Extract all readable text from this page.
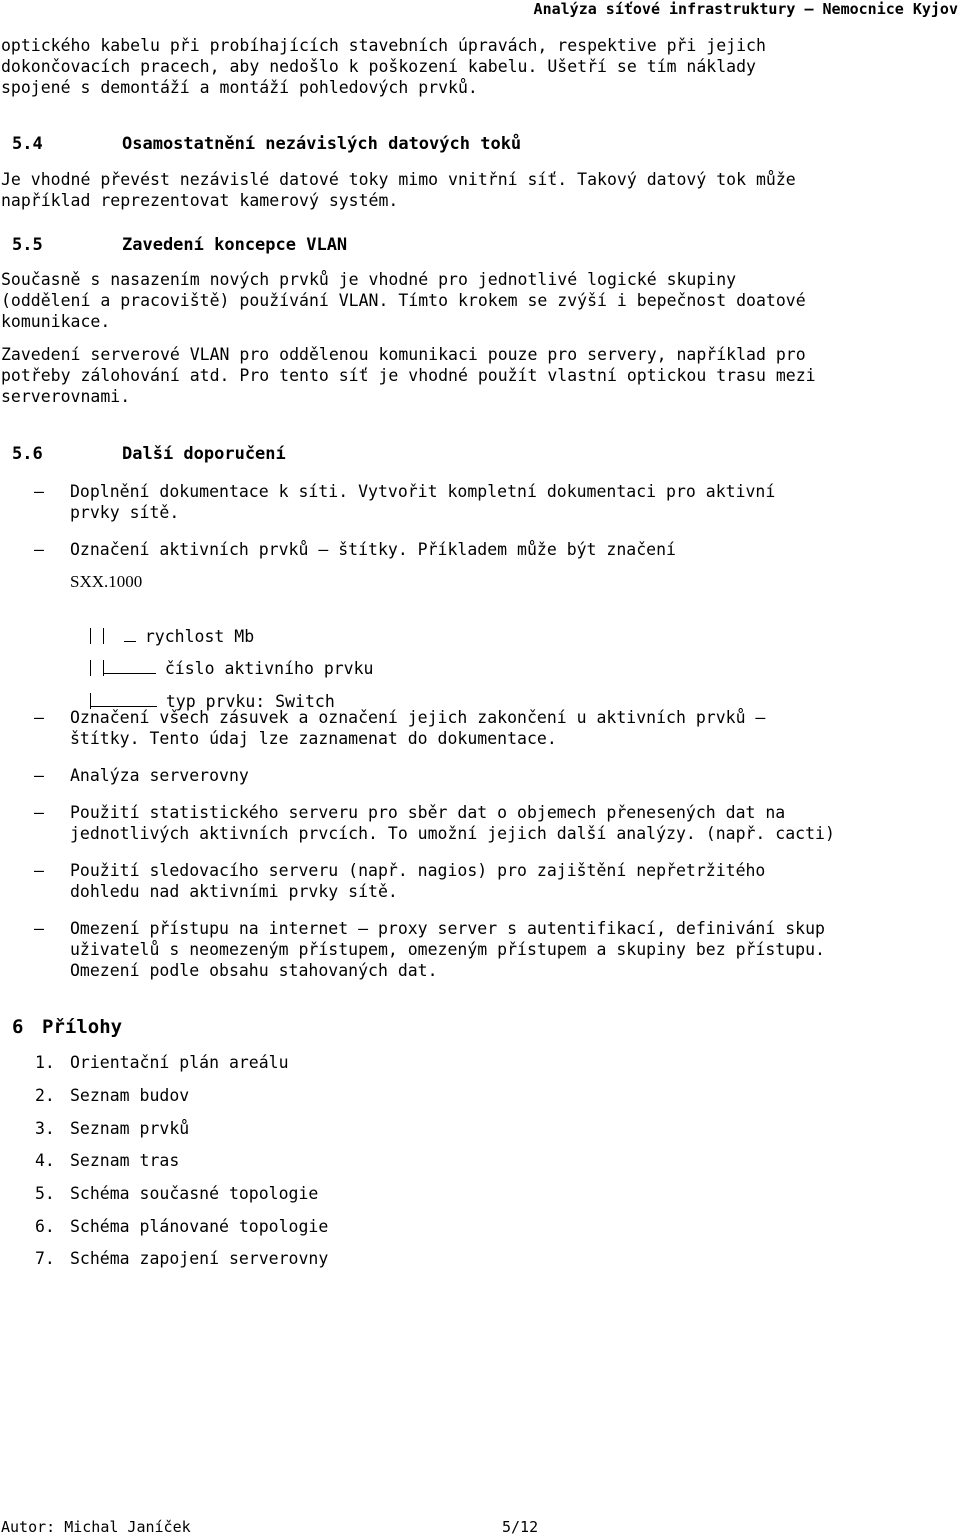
Analýza síťové infrastruktury – Nemocnice Kyjov
optického kabelu při probíhajících stavebních úpravách, respektive při jejich
dokončovacích pracech, aby nedošlo k poškození kabelu. Ušetří se tím náklady
spojené s demontáží a montáží pohledových prvků.
5.4	Osamostatnění nezávislých datových toků
Je vhodné převést nezávislé datové toky mimo vnitřní síť. Takový datový tok může
například reprezentovat kamerový systém.
5.5	Zavedení koncepce VLAN
Současně s nasazením nových prvků je vhodné pro jednotlivé logické skupiny
(oddělení a pracoviště) používání VLAN. Tímto krokem se zvýší i bepečnost doatové
komunikace.
Zavedení serverové VLAN pro oddělenou komunikaci pouze pro servery, například pro
potřeby zálohování atd. Pro tento síť je vhodné použít vlastní optickou trasu mezi
serverovnami.
5.6	Další doporučení
– Doplnění dokumentace k síti. Vytvořit kompletní dokumentaci pro aktivní
prvky sítě.
– Označení aktivních prvků – štítky. Příkladem může být značení
SXX.1000

rychlost Mb

číslo aktivního prvku

typ prvku: Switch

– Označení všech zásuvek a označení jejich zakončení u aktivních prvků –
štítky. Tento údaj lze zaznamenat do dokumentace.
– Analýza serverovny
– Použití statistického serveru pro sběr dat o objemech přenesených dat na
jednotlivých aktivních prvcích. To umožní jejich další analýzy. (např. cacti)
– Použití sledovacího serveru (např. nagios) pro zajištění nepřetržitého
dohledu nad aktivními prvky sítě.
– Omezení přístupu na internet – proxy server s autentifikací, definivání skup
uživatelů s neomezeným přístupem, omezeným přístupem a skupiny bez přístupu.
Omezení podle obsahu stahovaných dat.
6 Přílohy
1. Orientační plán areálu
2. Seznam budov
3. Seznam prvků
4. Seznam tras
5. Schéma současné topologie
6. Schéma plánované topologie
7. Schéma zapojení serverovny
Autor: Michal Janíček	5/12
